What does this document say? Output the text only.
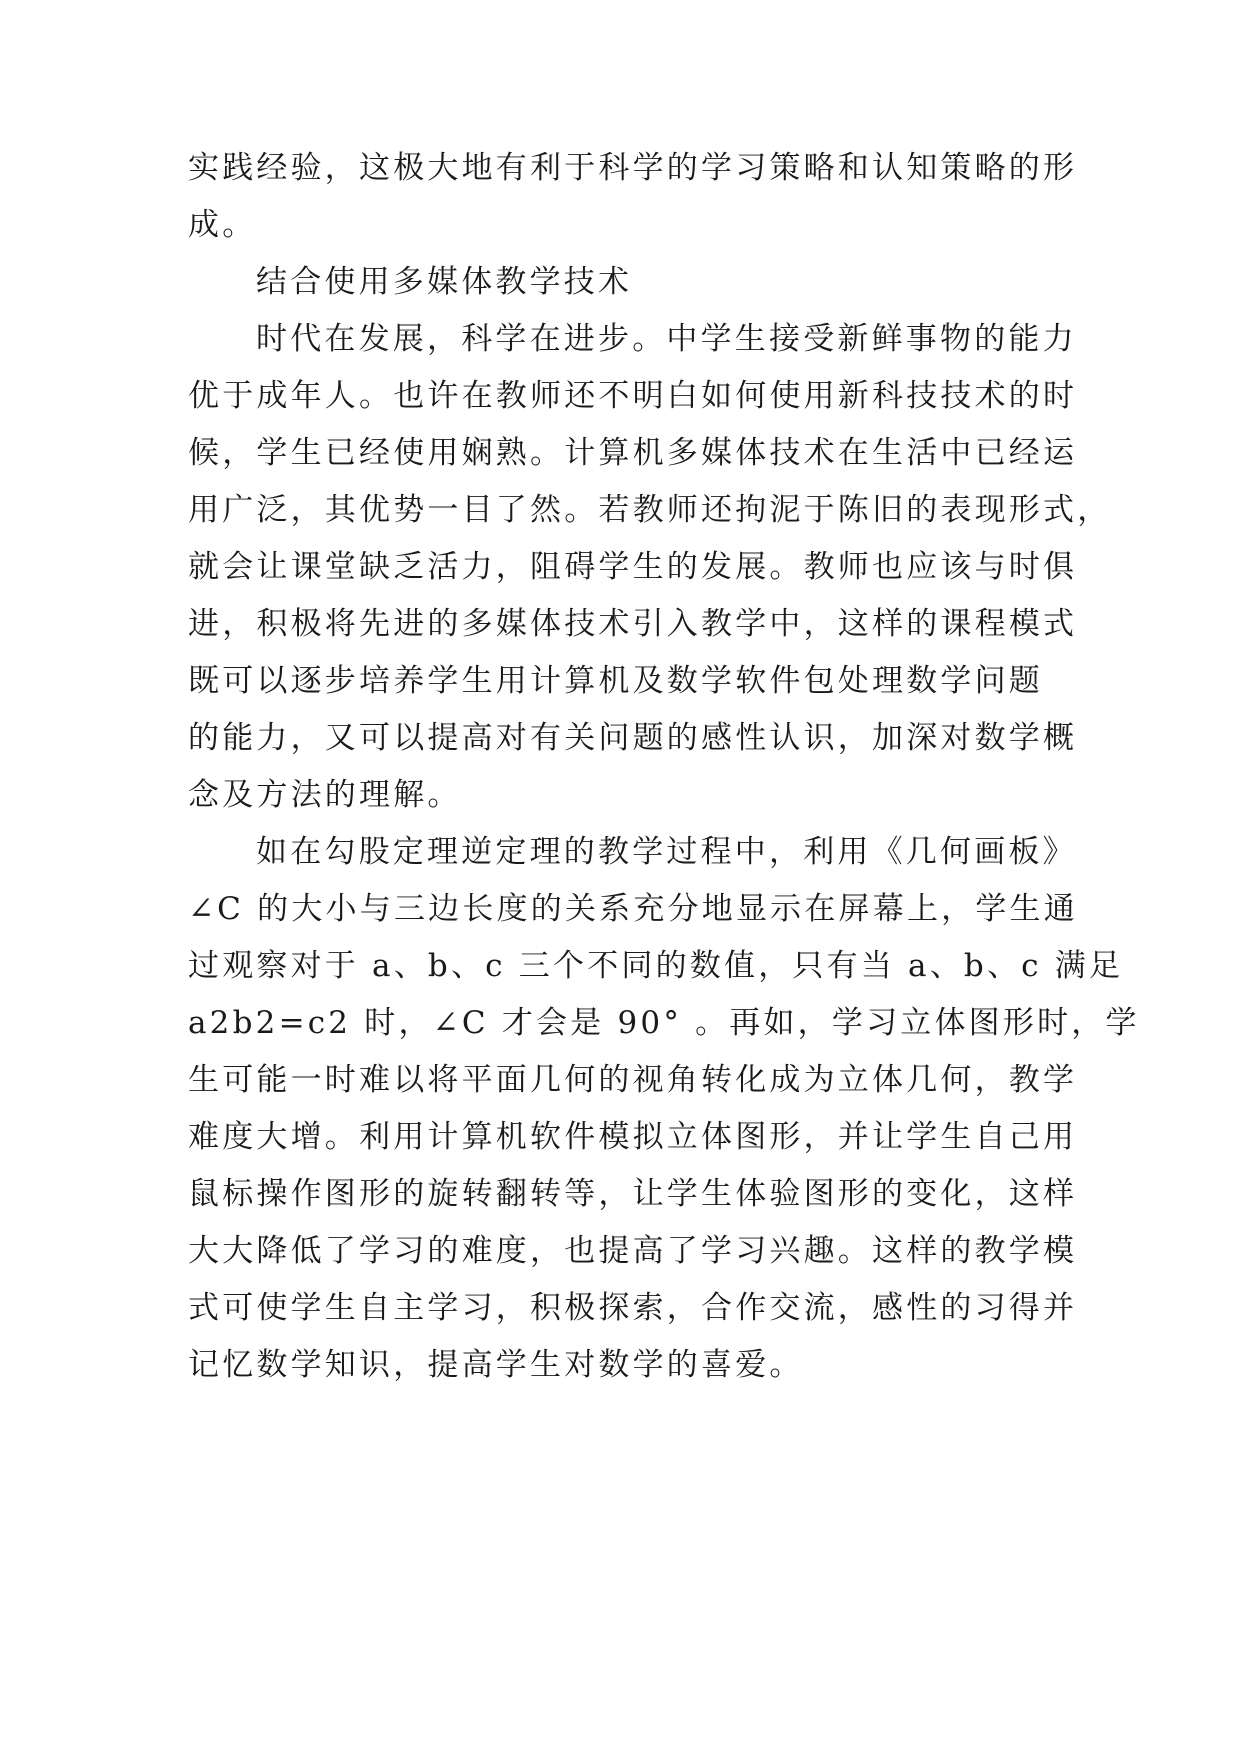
实践经验，这极大地有利于科学的学习策略和认知策略的形

成。

结合使用多媒体教学技术

时代在发展，科学在进步。中学生接受新鲜事物的能力

优于成年人。也许在教师还不明白如何使用新科技技术的时

候，学生已经使用娴熟。计算机多媒体技术在生活中已经运

用广泛，其优势一目了然。若教师还拘泥于陈旧的表现形式，

就会让课堂缺乏活力，阻碍学生的发展。教师也应该与时俱

进，积极将先进的多媒体技术引入教学中，这样的课程模式

既可以逐步培养学生用计算机及数学软件包处理数学问题

的能力，又可以提高对有关问题的感性认识，加深对数学概

念及方法的理解。

如在勾股定理逆定理的教学过程中，利用《几何画板》

∠C 的大小与三边长度的关系充分地显示在屏幕上，学生通

过观察对于 a、b、c 三个不同的数值，只有当 a、b、c 满足

a2b2=c2 时，∠C 才会是 90° 。再如，学习立体图形时，学

生可能一时难以将平面几何的视角转化成为立体几何，教学

难度大增。利用计算机软件模拟立体图形，并让学生自己用

鼠标操作图形的旋转翻转等，让学生体验图形的变化，这样

大大降低了学习的难度，也提高了学习兴趣。这样的教学模

式可使学生自主学习，积极探索，合作交流，感性的习得并

记忆数学知识，提高学生对数学的喜爱。
